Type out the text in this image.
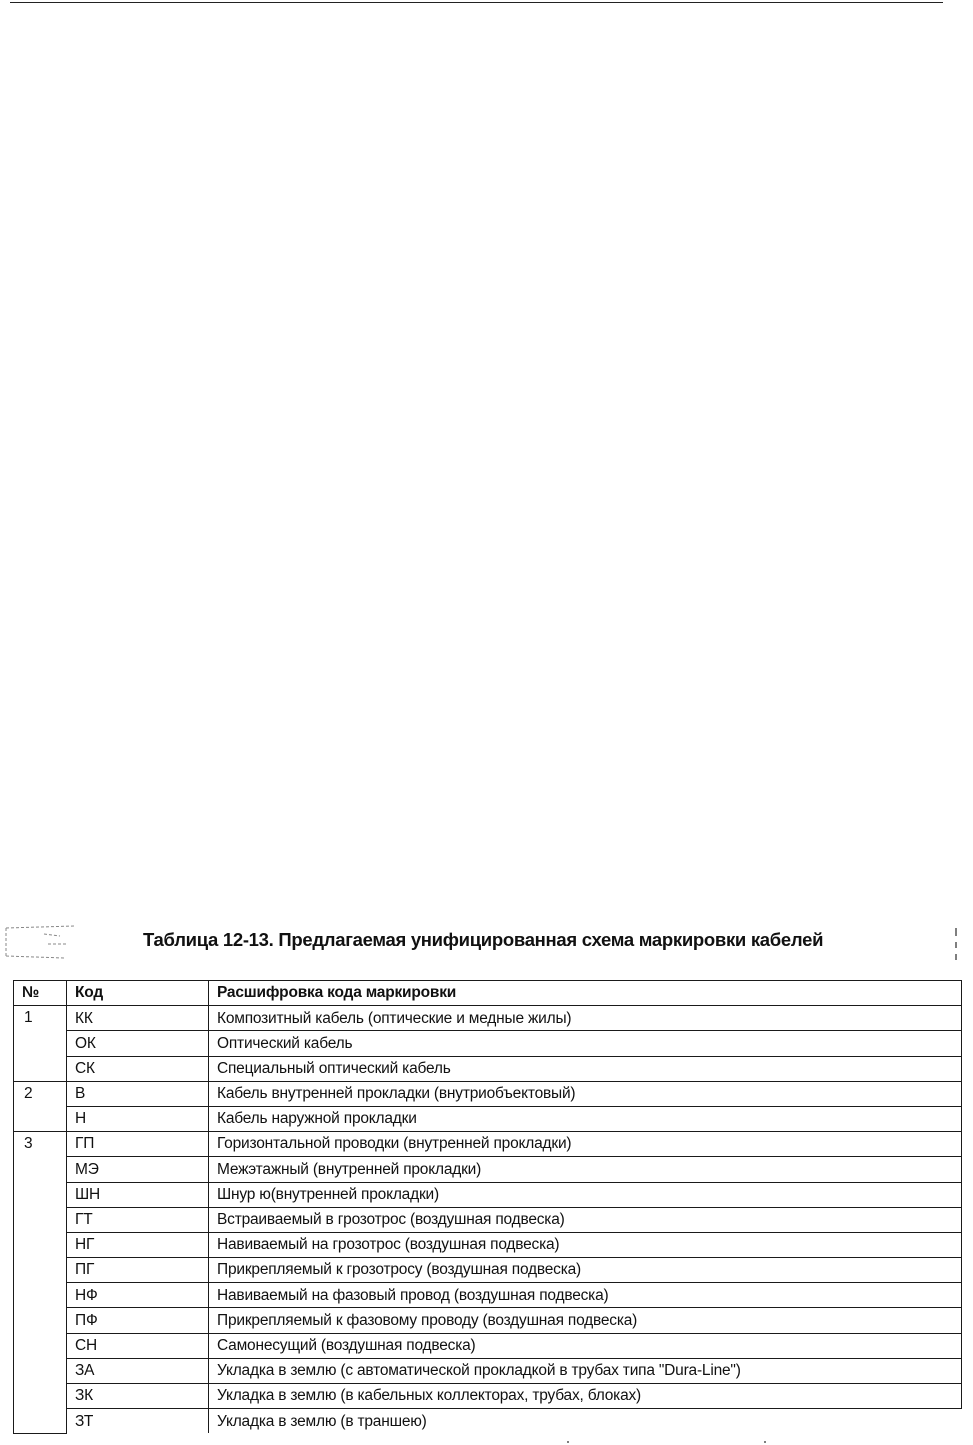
Таблица 12-13. Предлагаемая унифицированная схема маркировки кабелей
№	Код	Расшифровка кода маркировки
1	КК	Композитный кабель (оптические и медные жилы)
	ОК	Оптический кабель
	СК	Специальный оптический кабель
2	В	Кабель внутренней прокладки (внутриобъектовый)
	Н	Кабель наружной прокладки
3	ГП	Горизонтальной проводки (внутренней прокладки)
	МЭ	Межэтажный (внутренней прокладки)
	ШН	Шнур ю(внутренней прокладки)
	ГТ	Встраиваемый в грозотрос (воздушная подвеска)
	НГ	Навиваемый на грозотрос (воздушная подвеска)
	ПГ	Прикрепляемый к грозотросу (воздушная подвеска)
	НФ	Навиваемый на фазовый провод (воздушная подвеска)
	ПФ	Прикрепляемый к фазовому проводу (воздушная подвеска)
	СН	Самонесущий (воздушная подвеска)
	ЗА	Укладка в землю (с автоматической прокладкой в трубах типа "Dura-Line")
	ЗК	Укладка в землю (в кабельных коллекторах, трубах, блоках)
	ЗТ	Укладка в землю (в траншею)
